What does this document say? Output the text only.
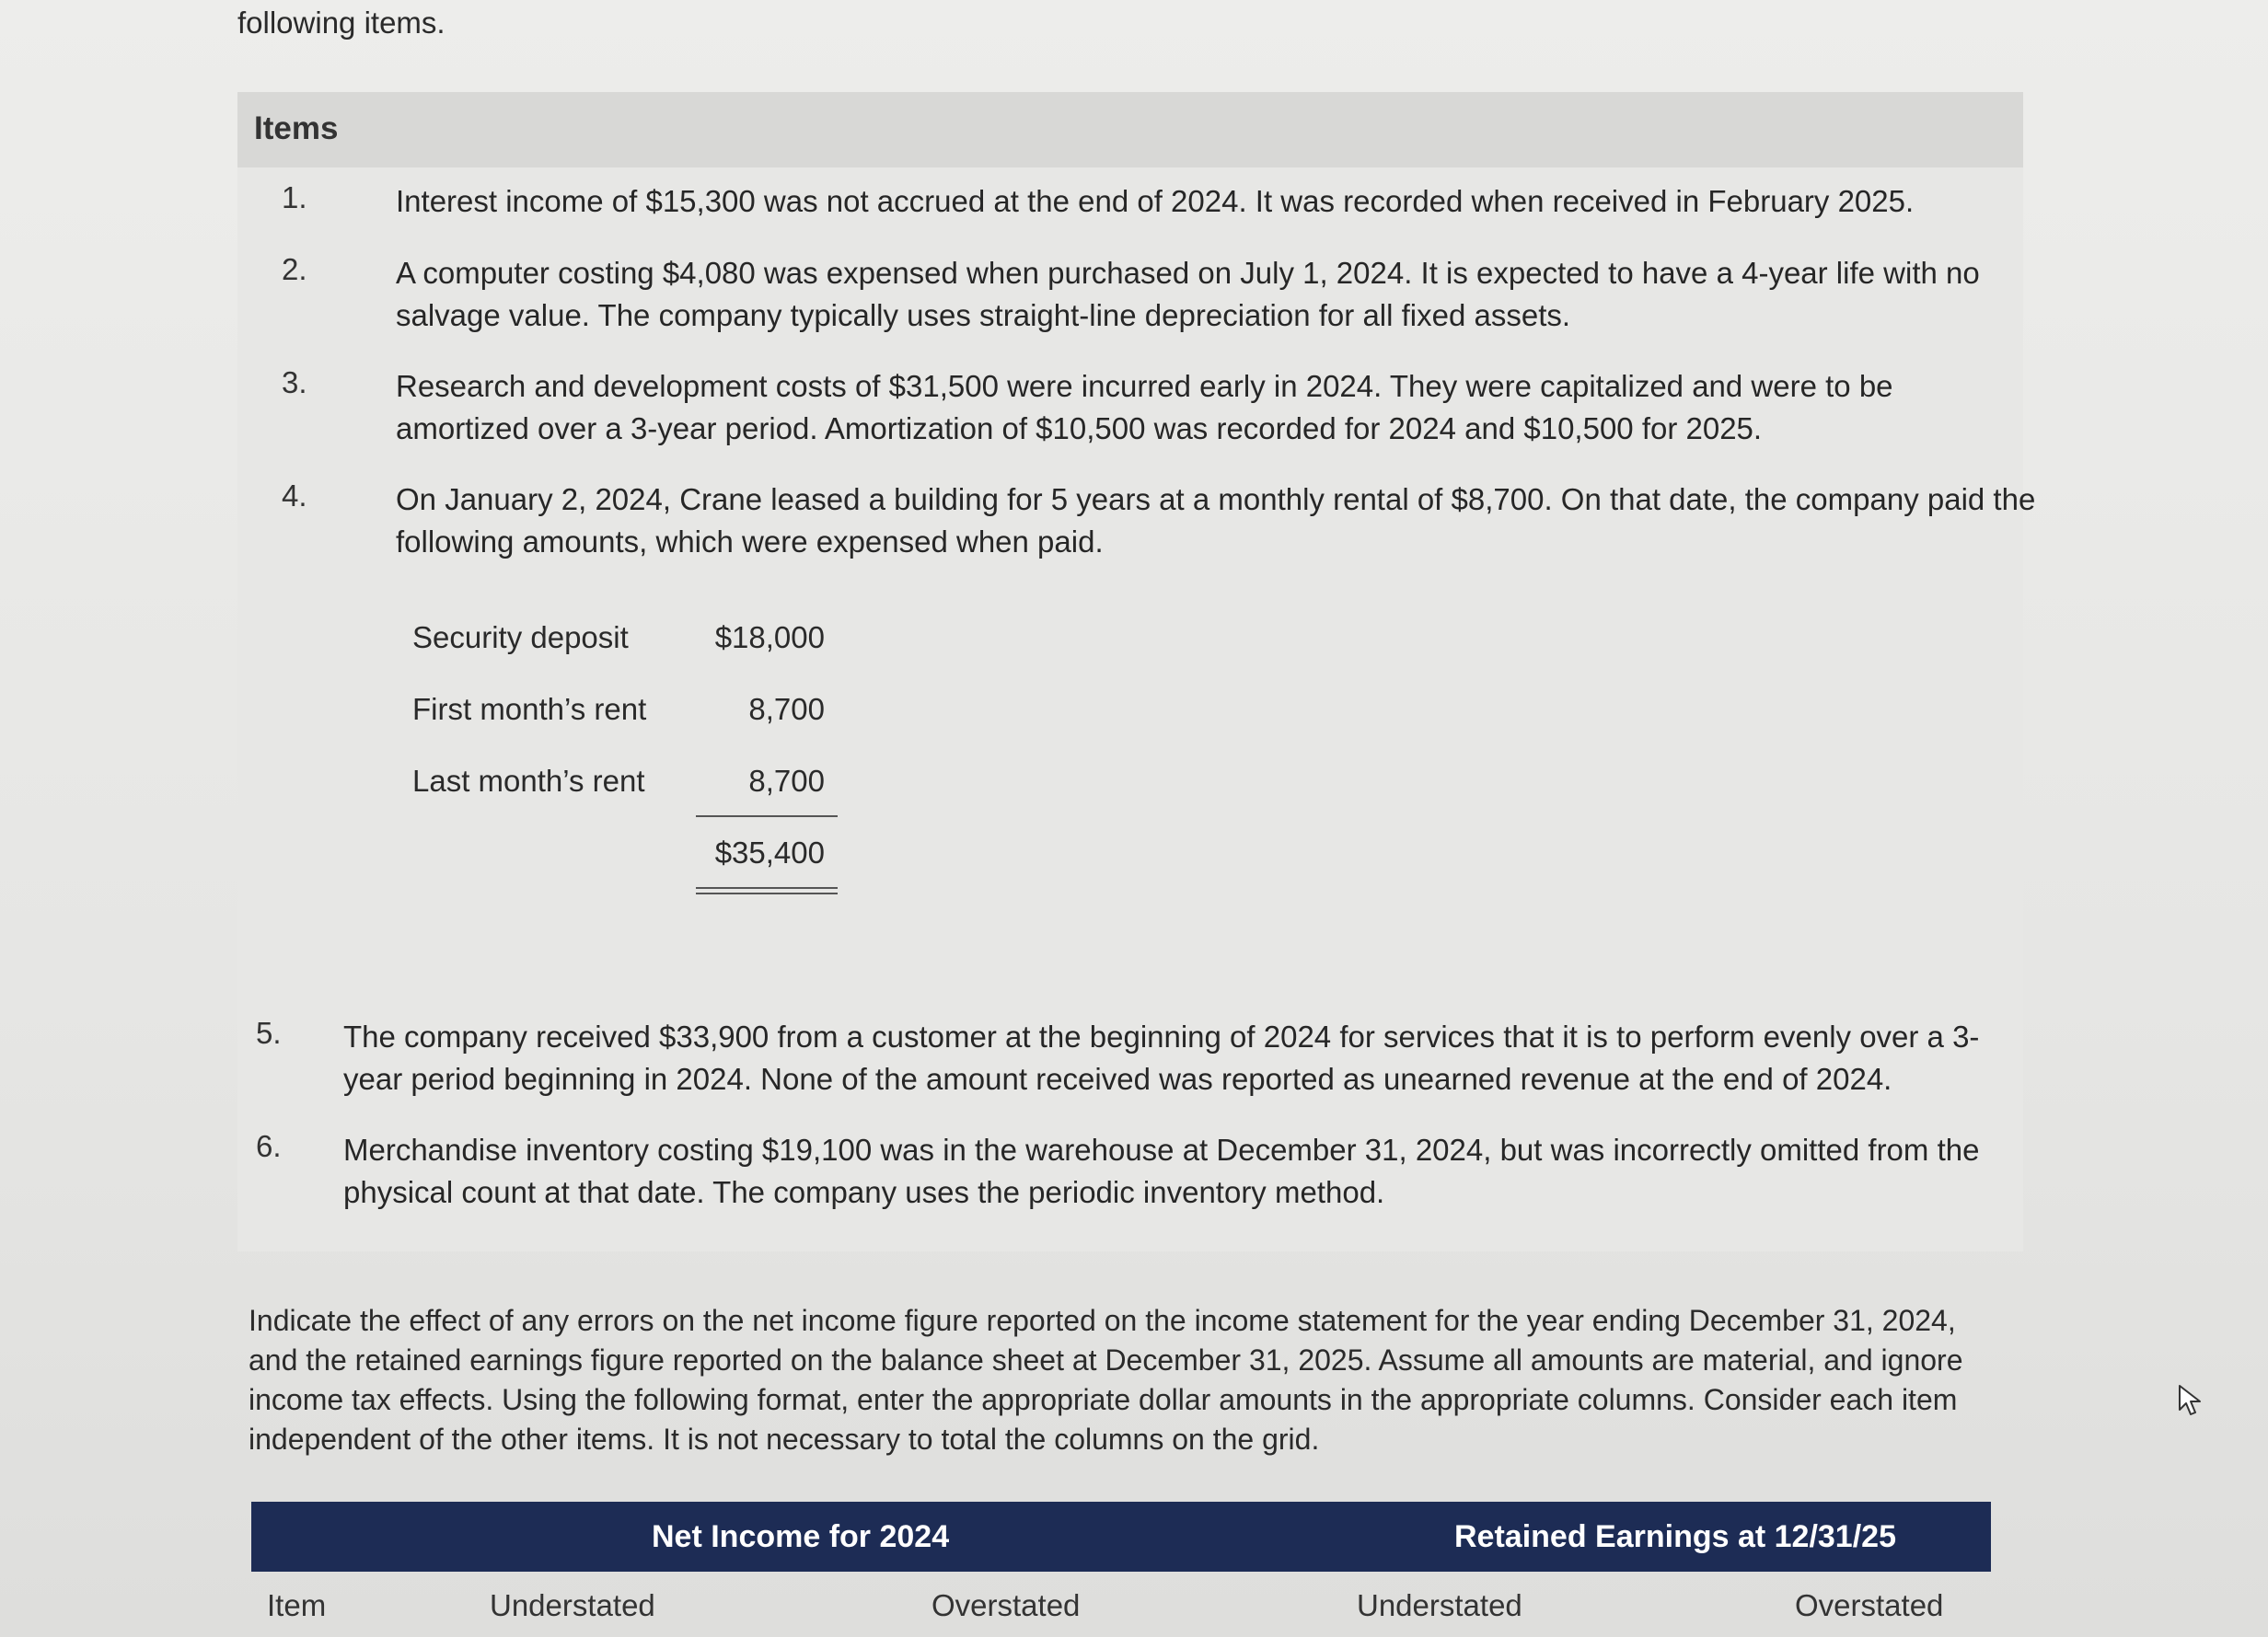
following items.
Items
1.	Interest income of $15,300 was not accrued at the end of 2024. It was recorded when received in February 2025.
2.	A computer costing $4,080 was expensed when purchased on July 1, 2024. It is expected to have a 4-year life with no
salvage value. The company typically uses straight-line depreciation for all fixed assets.
3.	Research and development costs of $31,500 were incurred early in 2024. They were capitalized and were to be
amortized over a 3-year period. Amortization of $10,500 was recorded for 2024 and $10,500 for 2025.
4.	On January 2, 2024, Crane leased a building for 5 years at a monthly rental of $8,700. On that date, the company paid the
following amounts, which were expensed when paid.
Security deposit	$18,000
First month’s rent	8,700
Last month’s rent	8,700
$35,400
5. The company received $33,900 from a customer at the beginning of 2024 for services that it is to perform evenly over a 3-
year period beginning in 2024. None of the amount received was reported as unearned revenue at the end of 2024.
6. Merchandise inventory costing $19,100 was in the warehouse at December 31, 2024, but was incorrectly omitted from the
physical count at that date. The company uses the periodic inventory method.
Indicate the effect of any errors on the net income figure reported on the income statement for the year ending December 31, 2024,
and the retained earnings figure reported on the balance sheet at December 31, 2025. Assume all amounts are material, and ignore
income tax effects. Using the following format, enter the appropriate dollar amounts in the appropriate columns. Consider each item
independent of the other items. It is not necessary to total the columns on the grid.
Net Income for 2024	Retained Earnings at 12/31/25
Item	Understated	Overstated	Understated	Overstated
